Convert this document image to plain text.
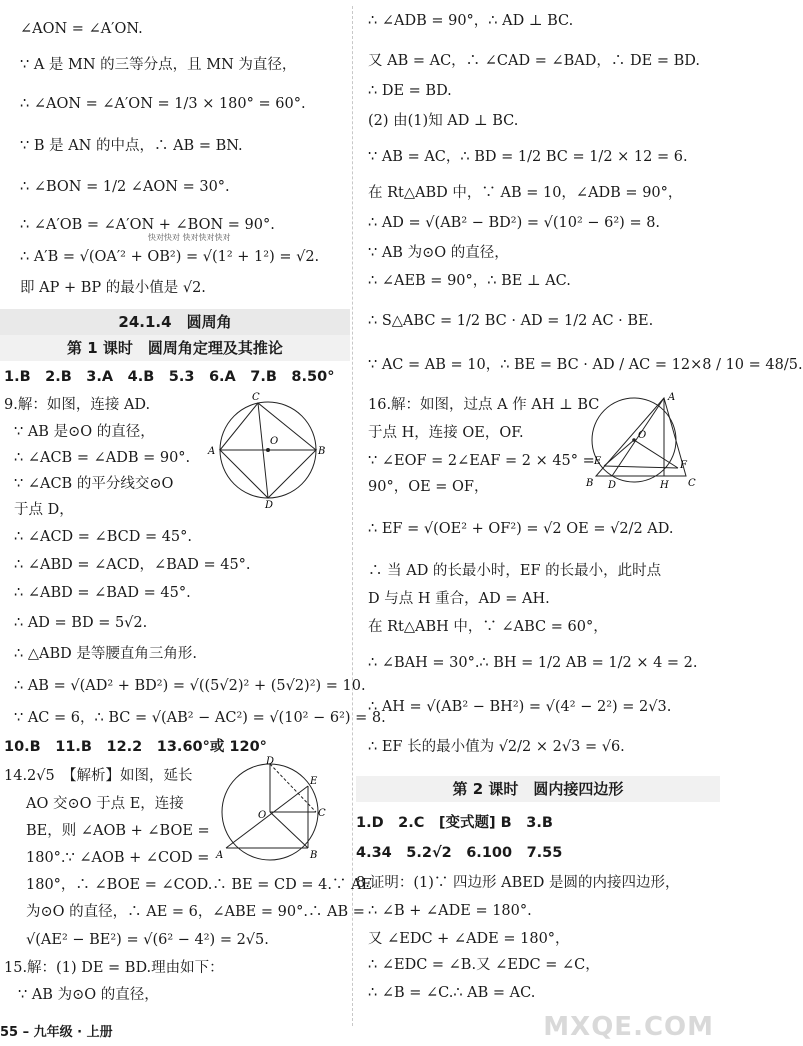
∠AON = ∠A′ON.
∵ A 是 MN 的三等分点，且 MN 为直径，
∴ ∠AON = ∠A′ON = 1/3 × 180° = 60°.
∵ B 是 AN 的中点，∴ AB = BN.
∴ ∠BON = 1/2 ∠AON = 30°.
∴ ∠A′OB = ∠A′ON + ∠BON = 90°.
∴ A′B = √(OA′² + OB²) = √(1² + 1²) = √2.
即 AP + BP 的最小值是 √2.
快对快对 快对快对快对
24.1.4　圆周角
第 1 课时　圆周角定理及其推论
1.B　2.B　3.A　4.B　5.3　6.A　7.B　8.50°
9.解：如图，连接 AD.
∵ AB 是⊙O 的直径，
∴ ∠ACB = ∠ADB = 90°.
∵ ∠ACB 的平分线交⊙O
于点 D，
∴ ∠ACD = ∠BCD = 45°.
∴ ∠ABD = ∠ACD，∠BAD = 45°.
∴ ∠ABD = ∠BAD = 45°.
∴ AD = BD = 5√2.
∴ △ABD 是等腰直角三角形.
∴ AB = √(AD² + BD²) = √((5√2)² + (5√2)²) = 10.
∵ AC = 6，∴ BC = √(AB² − AC²) = √(10² − 6²) = 8.
C
A
O
B
D
10.B　11.B　12.2　13.60°或 120°
14.2√5　【解析】如图，延长
AO 交⊙O 于点 E，连接
BE，则 ∠AOB + ∠BOE =
180°.∵ ∠AOB + ∠COD =
180°，∴ ∠BOE = ∠COD.∴ BE = CD = 4.∵ AE
为⊙O 的直径，∴ AE = 6，∠ABE = 90°.∴ AB =
√(AE² − BE²) = √(6² − 4²) = 2√5.
D
E
C
O
A	B
15.解：(1) DE = BD.理由如下：
∵ AB 为⊙O 的直径，
∴ ∠ADB = 90°，∴ AD ⊥ BC.
又 AB = AC，∴ ∠CAD = ∠BAD，∴ DE = BD.
∴ DE = BD.
(2) 由(1)知 AD ⊥ BC.
∵ AB = AC，∴ BD = 1/2 BC = 1/2 × 12 = 6.
在 Rt△ABD 中，∵ AB = 10，∠ADB = 90°，
∴ AD = √(AB² − BD²) = √(10² − 6²) = 8.
∵ AB 为⊙O 的直径，
∴ ∠AEB = 90°，∴ BE ⊥ AC.
∴ S△ABC = 1/2 BC · AD = 1/2 AC · BE.
∵ AC = AB = 10，∴ BE = BC · AD / AC = 12×8 / 10 = 48/5.
16.解：如图，过点 A 作 AH ⊥ BC
于点 H，连接 OE，OF.
∵ ∠EOF = 2∠EAF = 2 × 45° =
90°，OE = OF，
∴ EF = √(OE² + OF²) = √2 OE = √2/2 AD.
∴ 当 AD 的长最小时，EF 的长最小，此时点
D 与点 H 重合，AD = AH.
在 Rt△ABH 中，∵ ∠ABC = 60°，
∴ ∠BAH = 30°.∴ BH = 1/2 AB = 1/2 × 4 = 2.
∴ AH = √(AB² − BH²) = √(4² − 2²) = 2√3.
∴ EF 长的最小值为 √2/2 × 2√3 = √6.
A
O
E	F
B D	H C
第 2 课时　圆内接四边形
1.D　2.C　[变式题] B　3.B
4.34　5.2√2　6.100　7.55
8.证明：(1)∵ 四边形 ABED 是圆的内接四边形，
∴ ∠B + ∠ADE = 180°.
又 ∠EDC + ∠ADE = 180°，
∴ ∠EDC = ∠B.又 ∠EDC = ∠C，
∴ ∠B = ∠C.∴ AB = AC.
55 – 九年级 · 上册	MXQE.COM
